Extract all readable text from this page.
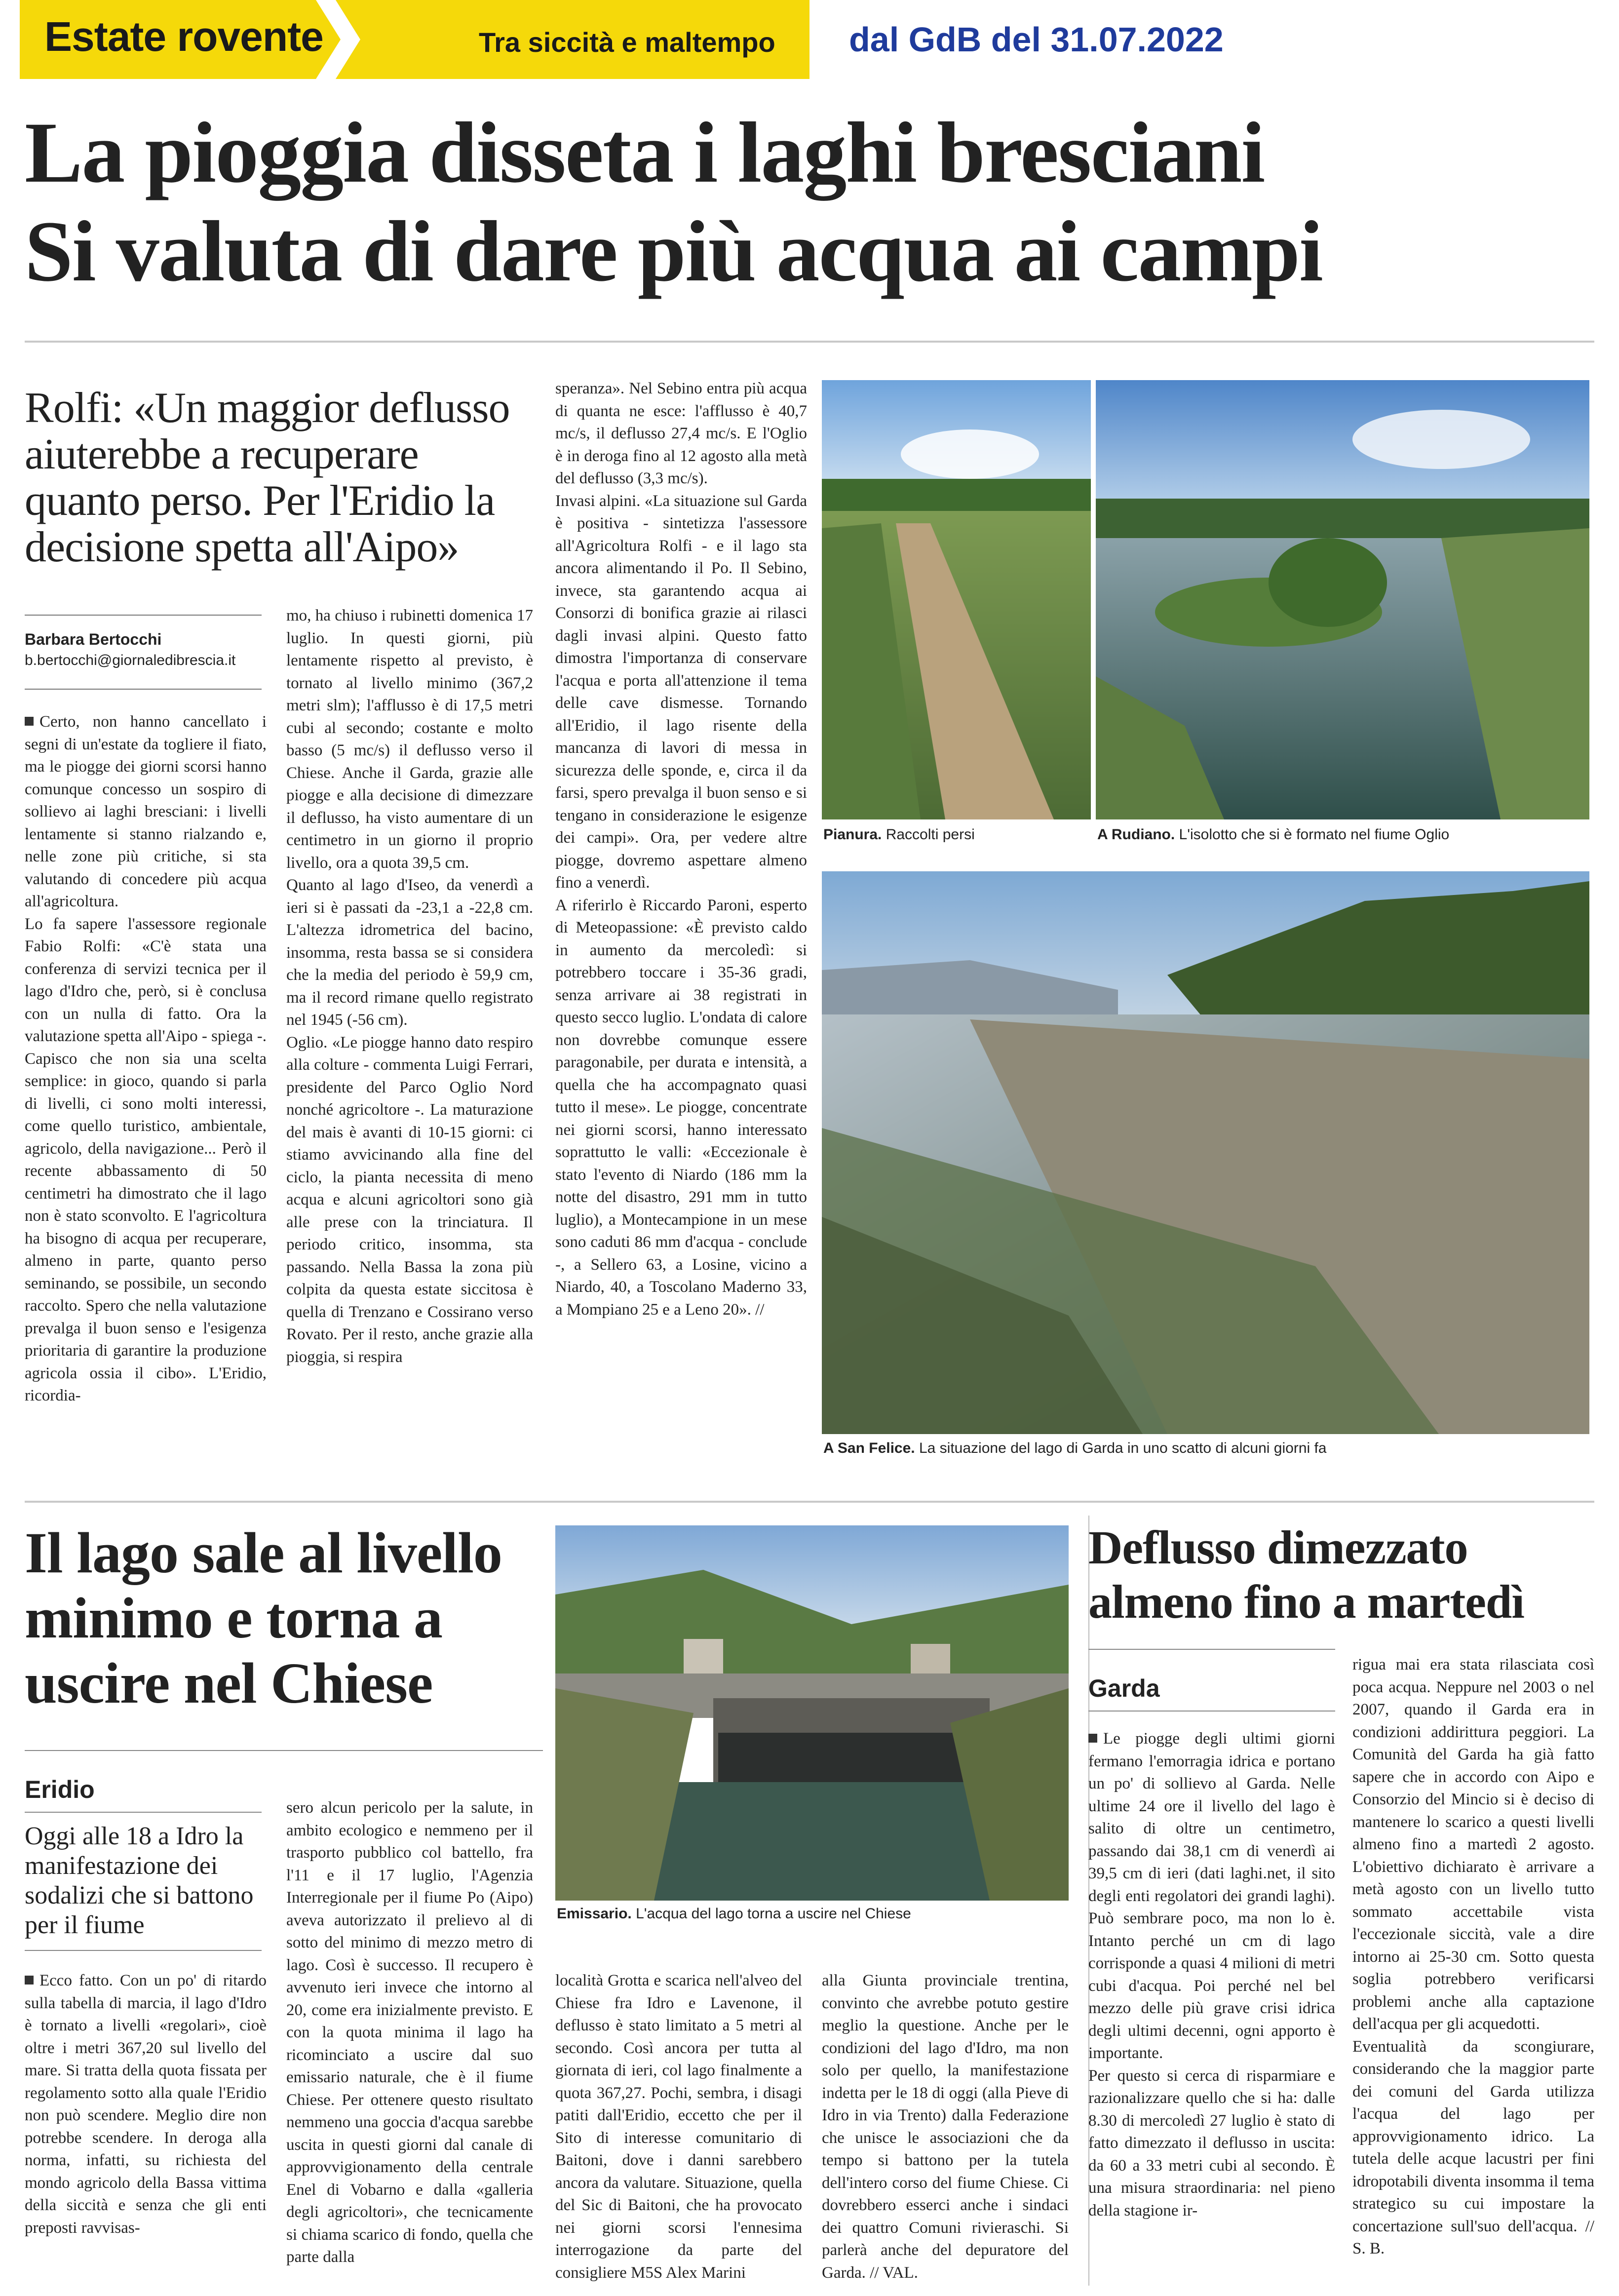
Estate rovente	Tra siccità e maltempo dal GdB del 31.07.2022
La pioggia disseta i laghi bresciani
Si valuta di dare più acqua ai campi
Rolfi: «Un maggior deflusso aiuterebbe a recuperare quanto perso. Per l'Eridio la decisione spetta all'Aipo»
Barbara Bertocchi
b.bertocchi@giornaledibrescia.it
Certo, non hanno cancellato i segni di un'estate da togliere il fiato, ma le piogge dei giorni scorsi hanno comunque concesso un sospiro di sollievo ai laghi bresciani: i livelli lentamente si stanno rialzando e, nelle zone più critiche, si sta valutando di concedere più acqua all'agricoltura.
Lo fa sapere l'assessore regionale Fabio Rolfi: «C'è stata una conferenza di servizi tecnica per il lago d'Idro che, però, si è conclusa con un nulla di fatto. Ora la valutazione spetta all'Aipo - spiega -. Capisco che non sia una scelta semplice: in gioco, quando si parla di livelli, ci sono molti interessi, come quello turistico, ambientale, agricolo, della navigazione... Però il recente abbassamento di 50 centimetri ha dimostrato che il lago non è stato sconvolto. E l'agricoltura ha bisogno di acqua per recuperare, almeno in parte, quanto perso seminando, se possibile, un secondo raccolto. Spero che nella valutazione prevalga il buon senso e l'esigenza prioritaria di garantire la produzione agricola ossia il cibo». L'Eridio, ricordia-
mo, ha chiuso i rubinetti domenica 17 luglio. In questi giorni, più lentamente rispetto al previsto, è tornato al livello minimo (367,2 metri slm); l'afflusso è di 17,5 metri cubi al secondo; costante e molto basso (5 mc/s) il deflusso verso il Chiese. Anche il Garda, grazie alle piogge e alla decisione di dimezzare il deflusso, ha visto aumentare di un centimetro in un giorno il proprio livello, ora a quota 39,5 cm.
Quanto al lago d'Iseo, da venerdì a ieri si è passati da -23,1 a -22,8 cm. L'altezza idrometrica del bacino, insomma, resta bassa se si considera che la media del periodo è 59,9 cm, ma il record rimane quello registrato nel 1945 (-56 cm).
Oglio. «Le piogge hanno dato respiro alla colture - commenta Luigi Ferrari, presidente del Parco Oglio Nord nonché agricoltore -. La maturazione del mais è avanti di 10-15 giorni: ci stiamo avvicinando alla fine del ciclo, la pianta necessita di meno acqua e alcuni agricoltori sono già alle prese con la trinciatura. Il periodo critico, insomma, sta passando. Nella Bassa la zona più colpita da questa estate siccitosa è quella di Trenzano e Cossirano verso Rovato. Per il resto, anche grazie alla pioggia, si respira
speranza». Nel Sebino entra più acqua di quanta ne esce: l'afflusso è 40,7 mc/s, il deflusso 27,4 mc/s. E l'Oglio è in deroga fino al 12 agosto alla metà del deflusso (3,3 mc/s).
Invasi alpini. «La situazione sul Garda è positiva - sintetizza l'assessore all'Agricoltura Rolfi - e il lago sta ancora alimentando il Po. Il Sebino, invece, sta garantendo acqua ai Consorzi di bonifica grazie ai rilasci dagli invasi alpini. Questo fatto dimostra l'importanza di conservare l'acqua e porta all'attenzione il tema delle cave dismesse. Tornando all'Eridio, il lago risente della mancanza di lavori di messa in sicurezza delle sponde, e, circa il da farsi, spero prevalga il buon senso e si tengano in considerazione le esigenze dei campi». Ora, per vedere altre piogge, dovremo aspettare almeno fino a venerdì.
A riferirlo è Riccardo Paroni, esperto di Meteopassione: «È previsto caldo in aumento da mercoledì: si potrebbero toccare i 35-36 gradi, senza arrivare ai 38 registrati in questo secco luglio. L'ondata di calore non dovrebbe comunque essere paragonabile, per durata e intensità, a quella che ha accompagnato quasi tutto il mese». Le piogge, concentrate nei giorni scorsi, hanno interessato soprattutto le valli: «Eccezionale è stato l'evento di Niardo (186 mm la notte del disastro, 291 mm in tutto luglio), a Montecampione in un mese sono caduti 86 mm d'acqua - conclude -, a Sellero 63, a Losine, vicino a Niardo, 40, a Toscolano Maderno 33, a Mompiano 25 e a Leno 20». //
Pianura. Raccolti persi	A Rudiano. L'isolotto che si è formato nel fiume Oglio
A San Felice. La situazione del lago di Garda in uno scatto di alcuni giorni fa
Il lago sale al livello minimo e torna a uscire nel Chiese
Eridio
Oggi alle 18 a Idro la manifestazione dei sodalizi che si battono per il fiume
Ecco fatto. Con un po' di ritardo sulla tabella di marcia, il lago d'Idro è tornato a livelli «regolari», cioè oltre i metri 367,20 sul livello del mare. Si tratta della quota fissata per regolamento sotto alla quale l'Eridio non può scendere. Meglio dire non potrebbe scendere. In deroga alla norma, infatti, su richiesta del mondo agricolo della Bassa vittima della siccità e senza che gli enti preposti ravvisas-
sero alcun pericolo per la salute, in ambito ecologico e nemmeno per il trasporto pubblico col battello, fra l'11 e il 17 luglio, l'Agenzia Interregionale per il fiume Po (Aipo) aveva autorizzato il prelievo al di sotto del minimo di mezzo metro di lago. Così è successo. Il recupero è avvenuto ieri invece che intorno al 20, come era inizialmente previsto. E con la quota minima il lago ha ricominciato a uscire dal suo emissario naturale, che è il fiume Chiese. Per ottenere questo risultato nemmeno una goccia d'acqua sarebbe uscita in questi giorni dal canale di approvvigionamento della centrale Enel di Vobarno e dalla «galleria degli agricoltori», che tecnicamente si chiama scarico di fondo, quella che parte dalla
località Grotta e scarica nell'alveo del Chiese fra Idro e Lavenone, il deflusso è stato limitato a 5 metri al secondo. Così ancora per tutta al giornata di ieri, col lago finalmente a quota 367,27. Pochi, sembra, i disagi patiti dall'Eridio, eccetto che per il Sito di interesse comunitario di Baitoni, dove i danni sarebbero ancora da valutare. Situazione, quella del Sic di Baitoni, che ha provocato nei giorni scorsi l'ennesima interrogazione da parte del consigliere M5S Alex Marini
alla Giunta provinciale trentina, convinto che avrebbe potuto gestire meglio la questione. Anche per le condizioni del lago d'Idro, ma non solo per quello, la manifestazione indetta per le 18 di oggi (alla Pieve di Idro in via Trento) dalla Federazione che unisce le associazioni che da tempo si battono per la tutela dell'intero corso del fiume Chiese. Ci dovrebbero esserci anche i sindaci dei quattro Comuni rivieraschi. Si parlerà anche del depuratore del Garda. // VAL.
Emissario. L'acqua del lago torna a uscire nel Chiese
Deflusso dimezzato almeno fino a martedì
Garda
Le piogge degli ultimi giorni fermano l'emorragia idrica e portano un po' di sollievo al Garda. Nelle ultime 24 ore il livello del lago è salito di oltre un centimetro, passando dai 38,1 cm di venerdì ai 39,5 cm di ieri (dati laghi.net, il sito degli enti regolatori dei grandi laghi). Può sembrare poco, ma non lo è. Intanto perché un cm di lago corrisponde a quasi 4 milioni di metri cubi d'acqua. Poi perché nel bel mezzo delle più grave crisi idrica degli ultimi decenni, ogni apporto è importante.
Per questo si cerca di risparmiare e razionalizzare quello che si ha: dalle 8.30 di mercoledì 27 luglio è stato di fatto dimezzato il deflusso in uscita: da 60 a 33 metri cubi al secondo. È una misura straordinaria: nel pieno della stagione ir-
rigua mai era stata rilasciata così poca acqua. Neppure nel 2003 o nel 2007, quando il Garda era in condizioni addirittura peggiori. La Comunità del Garda ha già fatto sapere che in accordo con Aipo e Consorzio del Mincio si è deciso di mantenere lo scarico a questi livelli almeno fino a martedì 2 agosto. L'obiettivo dichiarato è arrivare a metà agosto con un livello tutto sommato accettabile vista l'eccezionale siccità, vale a dire intorno ai 25-30 cm. Sotto questa soglia potrebbero verificarsi problemi anche alla captazione dell'acqua per gli acquedotti.
Eventualità da scongiurare, considerando che la maggior parte dei comuni del Garda utilizza l'acqua del lago per approvvigionamento idrico. La tutela delle acque lacustri per fini idropotabili diventa insomma il tema strategico su cui impostare la concertazione sull'suo dell'acqua. // S. B.
